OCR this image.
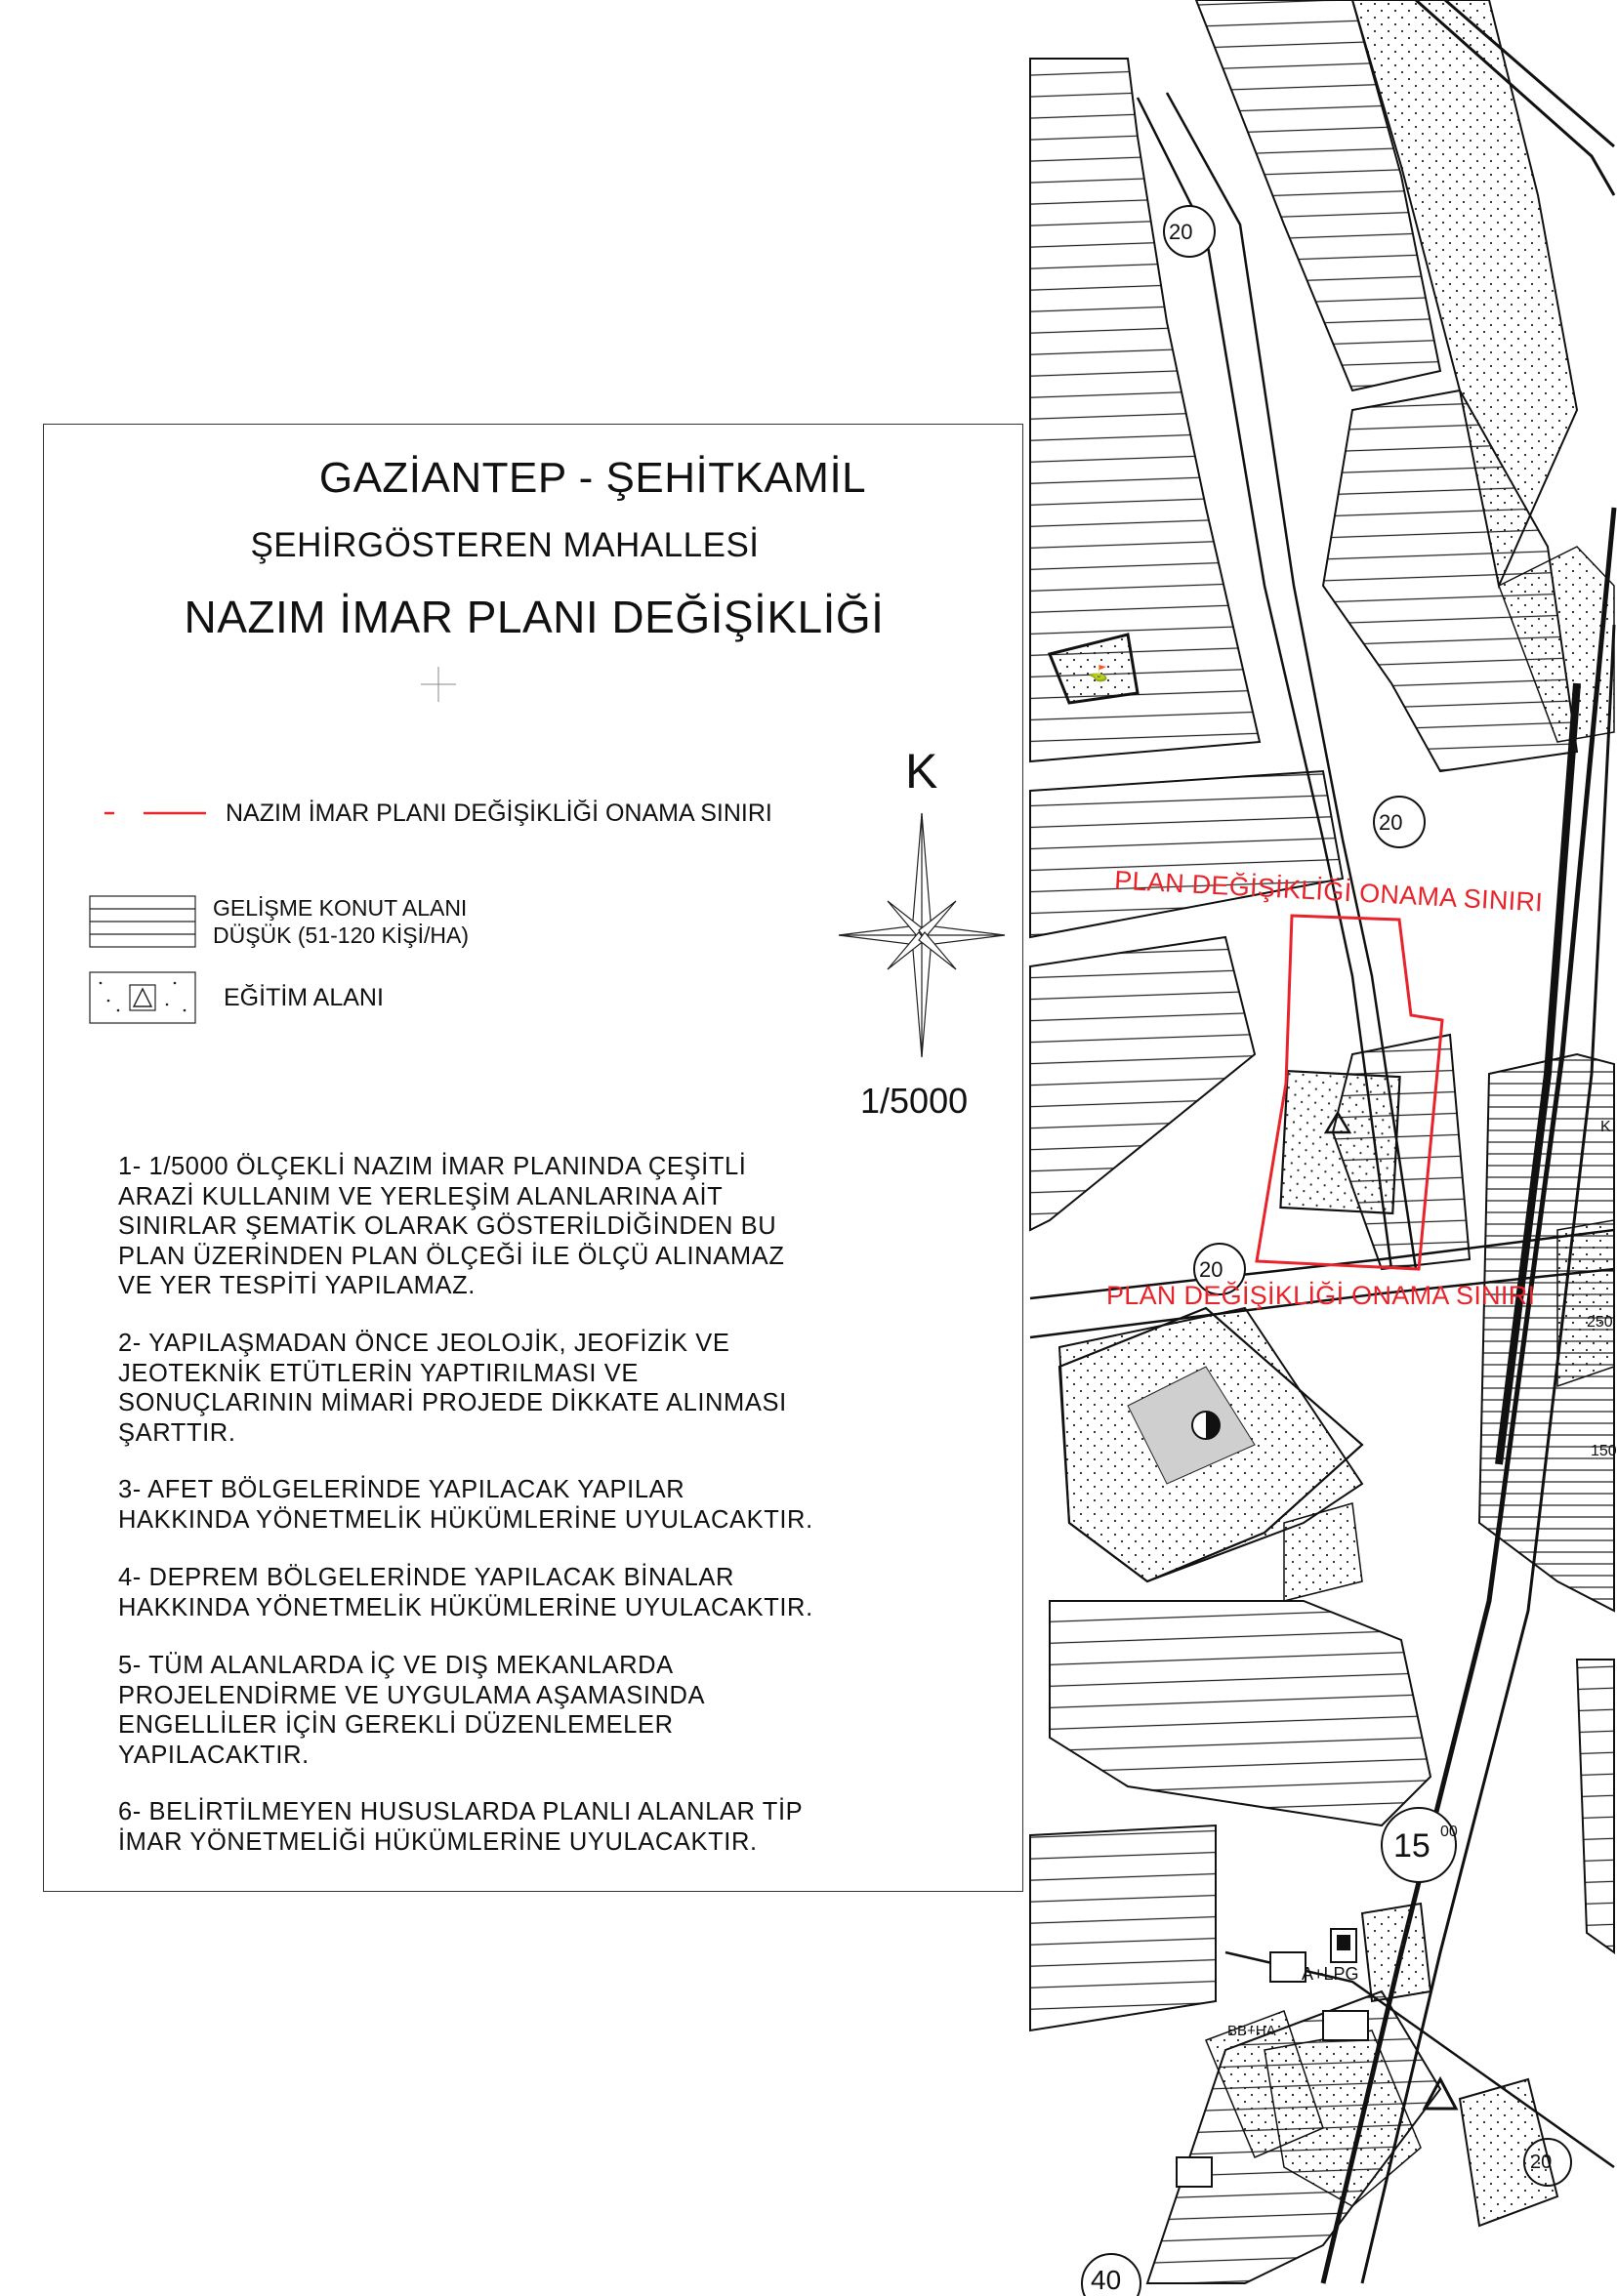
GAZİANTEP - ŞEHİTKAMİL
ŞEHİRGÖSTEREN MAHALLESİ
NAZIM İMAR PLANI DEĞİŞİKLİĞİ
NAZIM İMAR PLANI DEĞİŞİKLİĞİ ONAMA SINIRI
GELİŞME KONUT ALANI
DÜŞÜK (51-120 KİŞİ/HA)
EĞİTİM ALANI
K
1/5000
1- 1/5000 ÖLÇEKLİ NAZIM İMAR PLANINDA ÇEŞİTLİ
ARAZİ KULLANIM VE YERLEŞİM ALANLARINA AİT
SINIRLAR ŞEMATİK OLARAK GÖSTERİLDİĞİNDEN BU
PLAN ÜZERİNDEN PLAN ÖLÇEĞİ İLE ÖLÇÜ ALINAMAZ
VE YER TESPİTİ YAPILAMAZ.
2- YAPILAŞMADAN ÖNCE JEOLOJİK, JEOFİZİK VE
JEOTEKNİK ETÜTLERİN YAPTIRILMASI VE
SONUÇLARININ MİMARİ PROJEDE DİKKATE ALINMASI
ŞARTTIR.
3- AFET BÖLGELERİNDE YAPILACAK YAPILAR
HAKKINDA YÖNETMELİK HÜKÜMLERİNE UYULACAKTIR.
4- DEPREM BÖLGELERİNDE YAPILACAK BİNALAR
HAKKINDA YÖNETMELİK HÜKÜMLERİNE UYULACAKTIR.
5- TÜM ALANLARDA İÇ VE DIŞ MEKANLARDA
PROJELENDİRME VE UYGULAMA AŞAMASINDA
ENGELLİLER İÇİN GEREKLİ DÜZENLEMELER
YAPILACAKTIR.
6- BELİRTİLMEYEN HUSUSLARDA PLANLI ALANLAR TİP
İMAR YÖNETMELİĞİ HÜKÜMLERİNE UYULACAKTIR.
⛳
PLAN DEĞİŞİKLİĞİ ONAMA SINIRI
PLAN DEĞİŞİKLİĞİ ONAMA SINIRI
20
20
20
15 00
20
40
A+LPG
BB+HA
250
150
K
